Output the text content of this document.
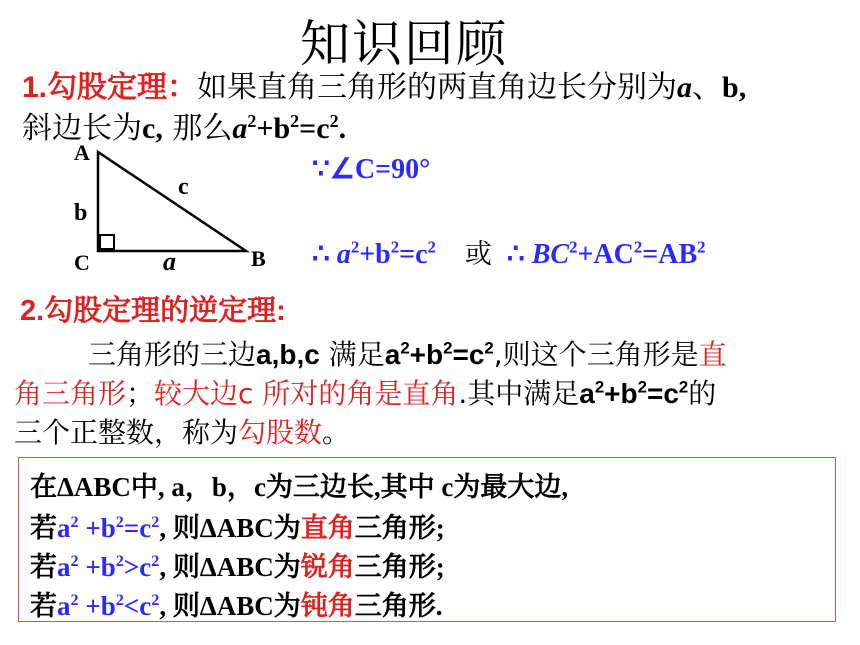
知识回顾
1.勾股定理：如果直角三角形的两直角边长分别为a、b,
斜边长为c, 那么$a^2+b^2=c^2$.
A
C	B
b
c
a
∵∠C=90°
∴ $a^2+b^2=c^2$ 或 ∴ $BC^2+AC^2=AB^2$
2.勾股定理的逆定理:
三角形的三边a,b,c 满足$a^2+b^2=c^2$,则这个三角形是直
角三角形；较大边c 所对的角是直角.其中满足$a^2+b^2=c^2$的
三个正整数，称为勾股数。
在ΔABC中, a，b，c为三边长,其中 c为最大边,
若$a^2 +b^2=c^2$, 则ΔABC为直角三角形;
若$a^2 +b^2>c^2$, 则ΔABC为锐角三角形;
若$a^2 +b^2<c^2$, 则ΔABC为钝角三角形.
